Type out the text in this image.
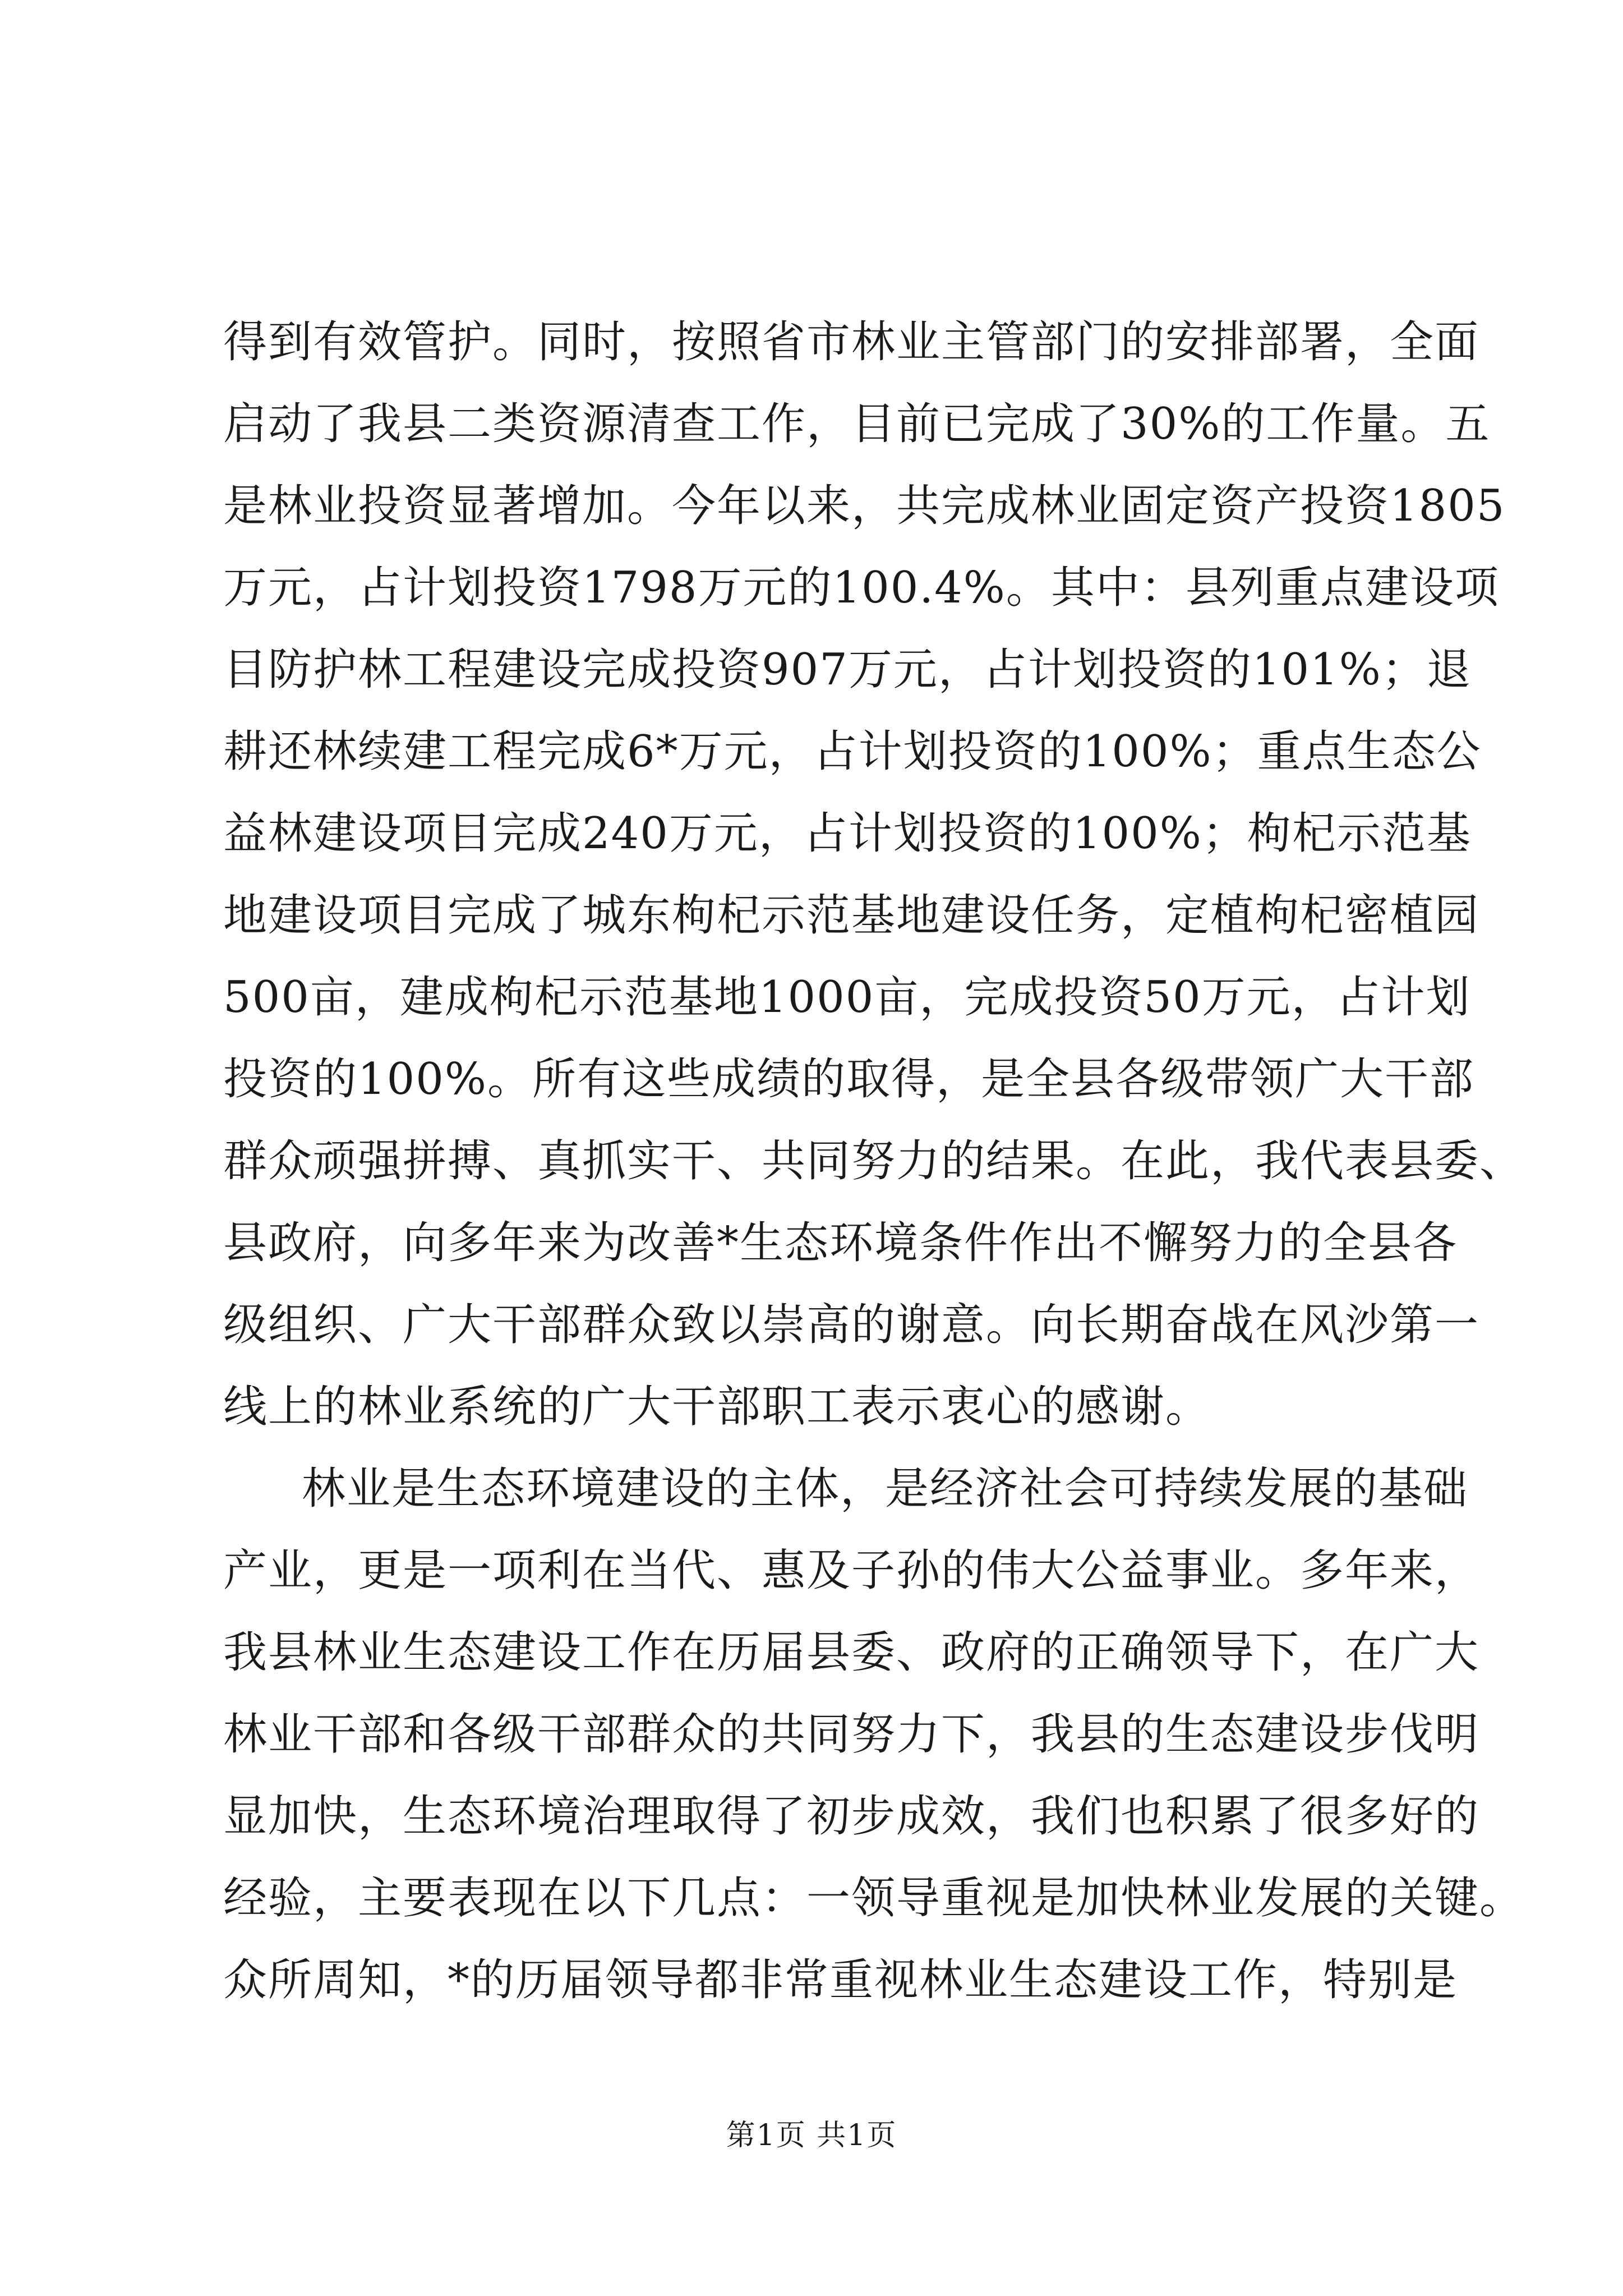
得到有效管护。同时，按照省市林业主管部门的安排部署，全面
启动了我县二类资源清查工作，目前已完成了30%的工作量。五
是林业投资显著增加。今年以来，共完成林业固定资产投资1805
万元，占计划投资1798万元的100.4%。其中：县列重点建设项
目防护林工程建设完成投资907万元，占计划投资的101%；退
耕还林续建工程完成6*万元，占计划投资的100%；重点生态公
益林建设项目完成240万元，占计划投资的100%；枸杞示范基
地建设项目完成了城东枸杞示范基地建设任务，定植枸杞密植园
500亩，建成枸杞示范基地1000亩，完成投资50万元，占计划
投资的100%。所有这些成绩的取得，是全县各级带领广大干部
群众顽强拼搏、真抓实干、共同努力的结果。在此，我代表县委、
县政府，向多年来为改善*生态环境条件作出不懈努力的全县各
级组织、广大干部群众致以崇高的谢意。向长期奋战在风沙第一
线上的林业系统的广大干部职工表示衷心的感谢。
林业是生态环境建设的主体，是经济社会可持续发展的基础
产业，更是一项利在当代、惠及子孙的伟大公益事业。多年来，
我县林业生态建设工作在历届县委、政府的正确领导下，在广大
林业干部和各级干部群众的共同努力下，我县的生态建设步伐明
显加快，生态环境治理取得了初步成效，我们也积累了很多好的
经验，主要表现在以下几点：一领导重视是加快林业发展的关键。
众所周知，*的历届领导都非常重视林业生态建设工作，特别是
第1页 共1页
